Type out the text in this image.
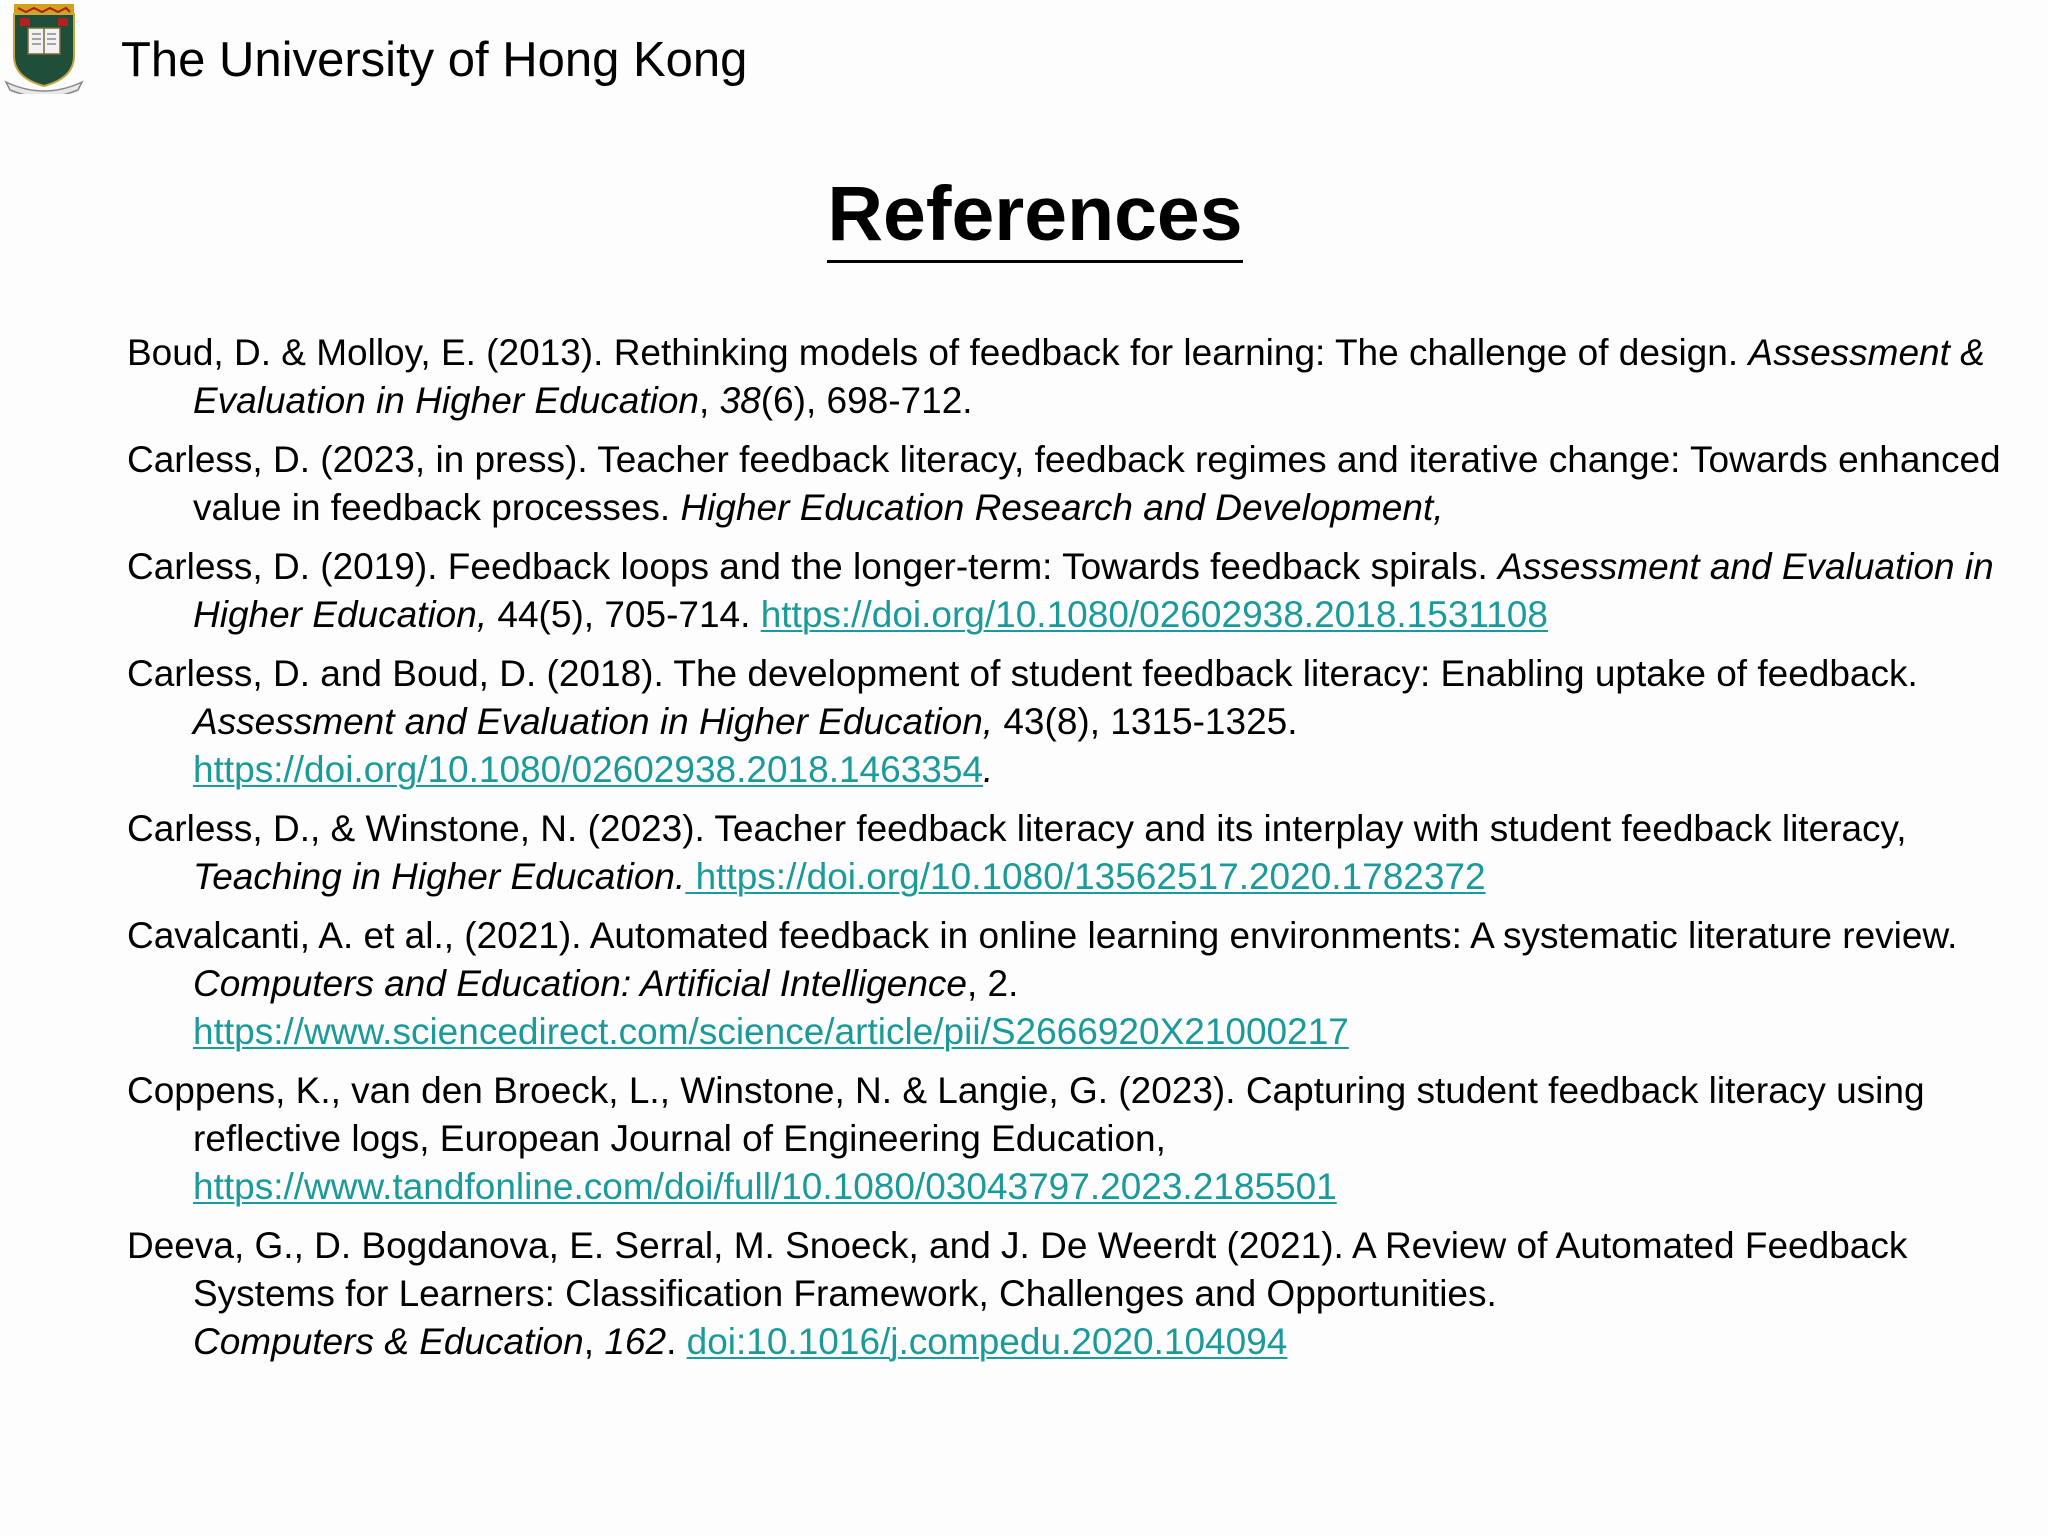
The University of Hong Kong
References

Boud, D. & Molloy, E. (2013). Rethinking models of feedback for learning: The challenge of design. Assessment & Evaluation in Higher Education, 38(6), 698-712.

Carless, D. (2023, in press). Teacher feedback literacy, feedback regimes and iterative change: Towards enhanced value in feedback processes. Higher Education Research and Development,

Carless, D. (2019). Feedback loops and the longer-term: Towards feedback spirals. Assessment and Evaluation in Higher Education, 44(5), 705-714. https://doi.org/10.1080/02602938.2018.1531108

Carless, D. and Boud, D. (2018). The development of student feedback literacy: Enabling uptake of feedback. Assessment and Evaluation in Higher Education, 43(8), 1315-1325.
https://doi.org/10.1080/02602938.2018.1463354.

Carless, D., & Winstone, N. (2023). Teacher feedback literacy and its interplay with student feedback literacy, Teaching in Higher Education. https://doi.org/10.1080/13562517.2020.1782372

Cavalcanti, A. et al., (2021). Automated feedback in online learning environments: A systematic literature review. Computers and Education: Artificial Intelligence, 2.
https://www.sciencedirect.com/science/article/pii/S2666920X21000217

Coppens, K., van den Broeck, L., Winstone, N. & Langie, G. (2023). Capturing student feedback literacy using reflective logs, European Journal of Engineering Education,
https://www.tandfonline.com/doi/full/10.1080/03043797.2023.2185501

Deeva, G., D. Bogdanova, E. Serral, M. Snoeck, and J. De Weerdt (2021). A Review of Automated Feedback Systems for Learners: Classification Framework, Challenges and Opportunities.
Computers & Education, 162. doi:10.1016/j.compedu.2020.104094
